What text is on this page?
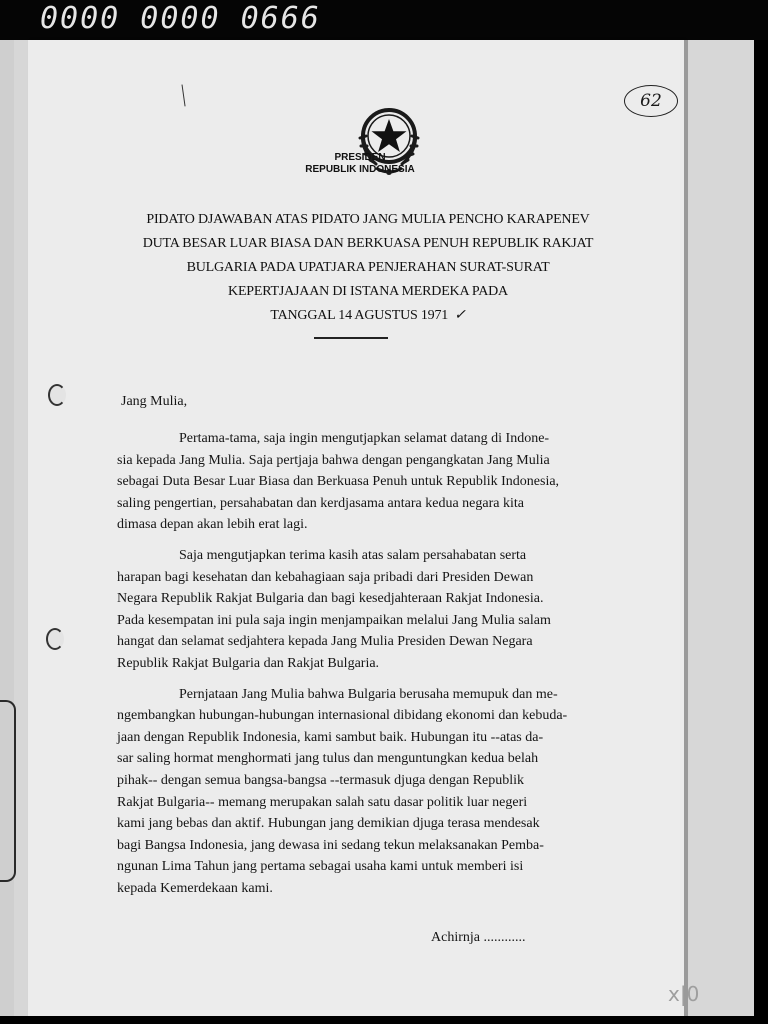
0000 0000 0666

62
PRESIDEN
REPUBLIK INDONESIA
PIDATO DJAWABAN ATAS PIDATO JANG MULIA PENCHO KARAPENEV
DUTA BESAR LUAR BIASA DAN BERKUASA PENUH REPUBLIK RAKJAT
BULGARIA PADA UPATJARA PENJERAHAN SURAT-SURAT
KEPERTJAJAAN DI ISTANA MERDEKA PADA
TANGGAL 14 AGUSTUS 1971 ✓

Jang Mulia,

Pertama-tama, saja ingin mengutjapkan selamat datang di Indone-
sia kepada Jang Mulia. Saja pertjaja bahwa dengan pengangkatan Jang Mulia
sebagai Duta Besar Luar Biasa dan Berkuasa Penuh untuk Republik Indonesia,
saling pengertian, persahabatan dan kerdjasama antara kedua negara kita
dimasa depan akan lebih erat lagi.

Saja mengutjapkan terima kasih atas salam persahabatan serta
harapan bagi kesehatan dan kebahagiaan saja pribadi dari Presiden Dewan
Negara Republik Rakjat Bulgaria dan bagi kesedjahteraan Rakjat Indonesia.
Pada kesempatan ini pula saja ingin menjampaikan melalui Jang Mulia salam
hangat dan selamat sedjahtera kepada Jang Mulia Presiden Dewan Negara
Republik Rakjat Bulgaria dan Rakjat Bulgaria.

Pernjataan Jang Mulia bahwa Bulgaria berusaha memupuk dan me-
ngembangkan hubungan-hubungan internasional dibidang ekonomi dan kebuda-
jaan dengan Republik Indonesia, kami sambut baik. Hubungan itu --atas da-
sar saling hormat menghormati jang tulus dan menguntungkan kedua belah
pihak-- dengan semua bangsa-bangsa --termasuk djuga dengan Republik
Rakjat Bulgaria-- memang merupakan salah satu dasar politik luar negeri
kami jang bebas dan aktif. Hubungan jang demikian djuga terasa mendesak
bagi Bangsa Indonesia, jang dewasa ini sedang tekun melaksanakan Pemba-
ngunan Lima Tahun jang pertama sebagai usaha kami untuk memberi isi
kepada Kemerdekaan kami.

Achirnja ............

x|0
